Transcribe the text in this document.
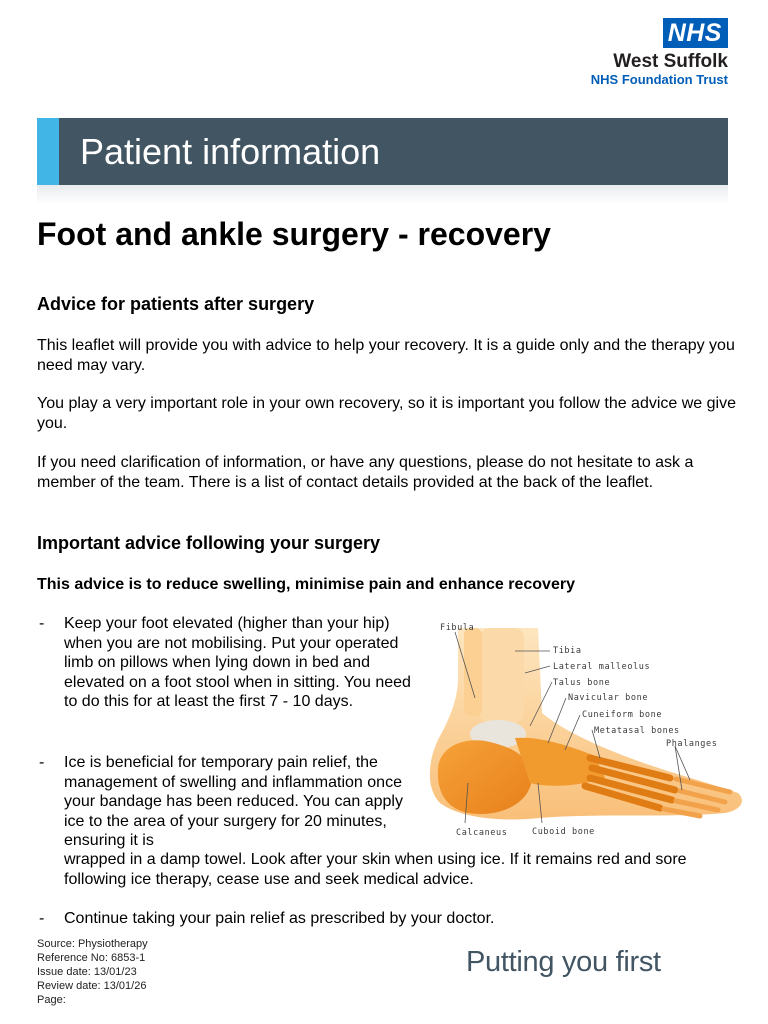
NHS
West Suffolk
NHS Foundation Trust
Patient information
Foot and ankle surgery - recovery
Advice for patients after surgery

This leaflet will provide you with advice to help your recovery. It is a guide only and the therapy you need may vary.

You play a very important role in your own recovery, so it is important you follow the advice we give you.

If you need clarification of information, or have any questions, please do not hesitate to ask a member of the team. There is a list of contact details provided at the back of the leaflet.

Important advice following your surgery

This advice is to reduce swelling, minimise pain and enhance recovery

- Keep your foot elevated (higher than your hip) when you are not mobilising. Put your operated limb on pillows when lying down in bed and elevated on a foot stool when in sitting. You need to do this for at least the first 7 - 10 days.

- Ice is beneficial for temporary pain relief, the management of swelling and inflammation once your bandage has been reduced. You can apply ice to the area of your surgery for 20 minutes, ensuring it is

wrapped in a damp towel. Look after your skin when using ice. If it remains red and sore following ice therapy, cease use and seek medical advice.

- Continue taking your pain relief as prescribed by your doctor.

Fibula
Tibia
Lateral malleolus
Talus bone
Navicular bone
Cuneiform bone
Metatasal bones
Phalanges
Calcaneus	Cuboid bone
Source: Physiotherapy
Reference No: 6853-1
Issue date: 13/01/23
Review date: 13/01/26
Page:
Putting you first
